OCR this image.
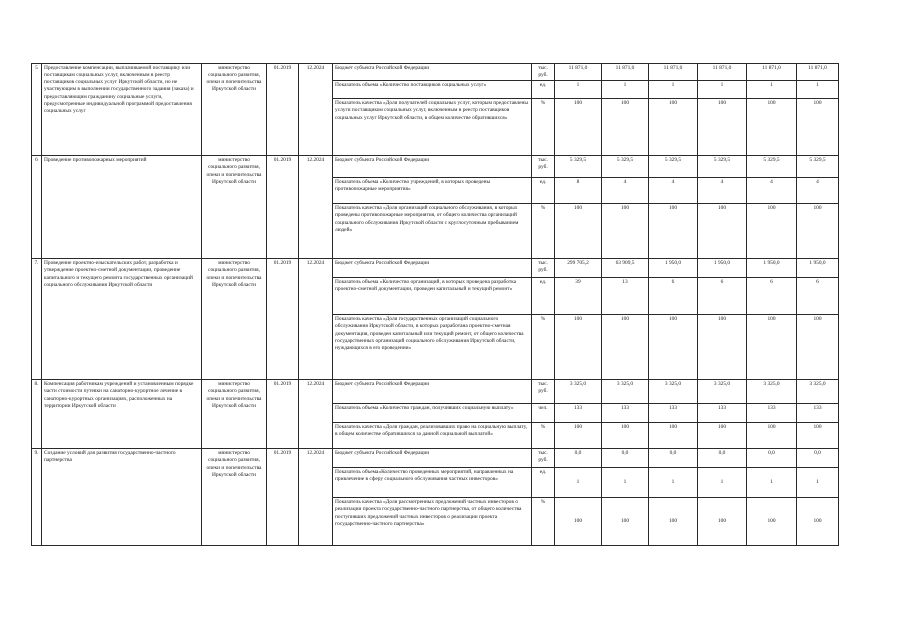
5	Предоставление компенсации, выплачиваемой поставщику или поставщикам социальных услуг, включенным в реестр поставщиков социальных услуг Иркутской области, но не участвующим в выполнении государственного задания (заказа) и предоставляющим гражданину социальные услуги, предусмотренные индивидуальной программой предоставления социальных услуг	министерство социального развития, опеки и попечительства Иркутской области	01.2019	12.2024	Бюджет субъекта Российской Федерации	тыс. руб.	11 871,0	11 871,0	11 871,0	11 871,0	11 871,0	11 871,0
					Показатель объема «Количество поставщиков социальных услуг»	ед.	1	1	1	1	1	1
					Показатель качества «Доля получателей социальных услуг, которым предоставлены услуги поставщиком социальных услуг, включенным в реестр поставщиков социальных услуг Иркутской области, в общем количестве обратившихся»	%	100	100	100	100	100	100
6	Проведение противопожарных мероприятий	министерство социального развития, опеки и попечительства Иркутской области	01.2019	12.2024	Бюджет субъекта Российской Федерации	тыс. руб.	5 329,5	5 329,5	5 329,5	5 329,5	5 329,5	5 329,5
					Показатель объема «Количество учреждений, в которых проведены противопожарные мероприятия»	ед.	8	4	4	4	4	4
					Показатель качества «Доля организаций социального обслуживания, в которых проведены противопожарные мероприятия, от общего количества организаций социального обслуживания Иркутской области с круглосуточным пребыванием людей»	%	100	100	100	100	100	100
7.	Проведение проектно-изыскательских работ, разработка и утверждение проектно-сметной документации, проведение капитального и текущего ремонта государственных организаций социального обслуживания Иркутской области	министерство социального развития, опеки и попечительства Иркутской области	01.2019	12.2024	Бюджет субъекта Российской Федерации	тыс. руб.	299 705,2	63 909,5	1 950,0	1 950,0	1 950,0	1 950,0
					Показатель объема «Количество организаций, в которых проведена разработка проектно-сметной документации, проведен капитальный и текущий ремонт»	ед.	39	13	6	6	6	6
					Показатель качества «Доля государственных организаций социального обслуживания Иркутской области, в которых разработана проектно-сметная документация, проведен капитальный или текущий ремонт, от общего количества государственных организаций социального обслуживания Иркутской области, нуждающихся в его проведении»	%	100	100	100	100	100	100
8.	Компенсация работникам учреждений и установленным порядке части стоимости путевки на санаторно-курортное лечение в санаторно-курортных организациях, расположенных на территории Иркутской области	министерство социального развития, опеки и попечительства Иркутской области	01.2019	12.2024	Бюджет субъекта Российской Федерации	тыс. руб.	3 325,0	3 325,0	3 325,0	3 325,0	3 325,0	3 325,0
					Показатель объема «Количество граждан, получивших социальную выплату»	чел.	133	133	133	133	133	133
					Показатель качества «Доля граждан, реализовавших право на социальную выплату, в общем количестве обратившихся за данной социальной выплатой»	%	100	100	100	100	100	100
9.	Создание условий для развития государственно-частного партнерства	министерство социального развития, опеки и попечительства Иркутской области	01.2019	12.2024	Бюджет субъекта Российской Федерации	тыс. руб.	0,0	0,0	0,0	0,0	0,0	0,0
					Показатель объема«Количество проведенных мероприятий, направленных на привлечение в сферу социального обслуживания частных инвесторов»	ед.	1	1	1	1	1	1
					Показатель качества «Доля рассмотренных предложений частных инвесторов о реализации проекта государственно-частного партнерства, от общего количества поступивших предложений частных инвесторов о реализации проекта государственно-частного партнерства»	%	100	100	100	100	100	100
